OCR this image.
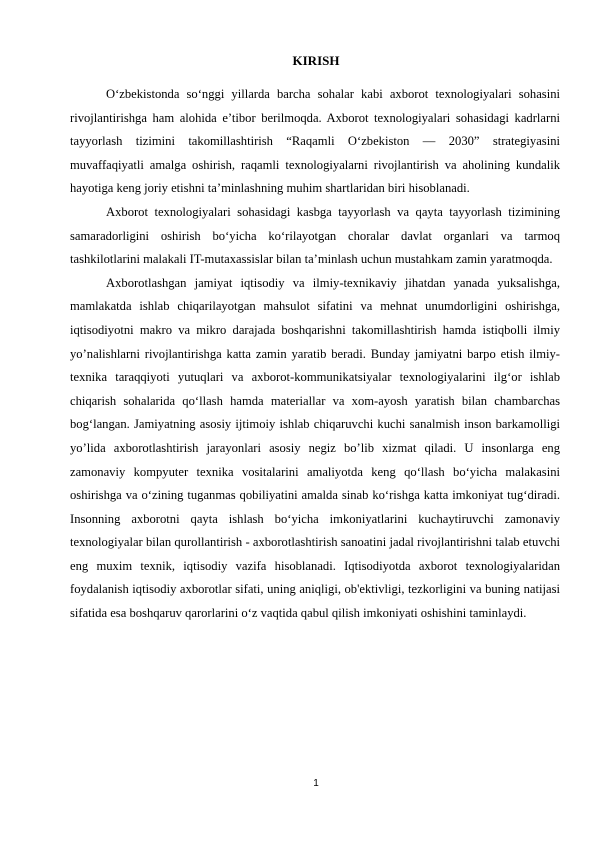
KIRISH

O‘zbekistonda so‘nggi yillarda barcha sohalar kabi axborot texnologiyalari sohasini rivojlantirishga ham alohida e’tibor berilmoqda. Axborot texnologiyalari sohasidagi kadrlarni tayyorlash tizimini takomillashtirish “Raqamli O‘zbekiston — 2030” strategiyasini muvaffaqiyatli amalga oshirish, raqamli texnologiyalarni rivojlantirish va aholining kundalik hayotiga keng joriy etishni ta’minlashning muhim shartlaridan biri hisoblanadi.

Axborot texnologiyalari sohasidagi kasbga tayyorlash va qayta tayyorlash tizimining samaradorligini oshirish bo‘yicha ko‘rilayotgan choralar davlat organlari va tarmoq tashkilotlarini malakali IT-mutaxassislar bilan ta’minlash uchun mustahkam zamin yaratmoqda.

Axborotlashgan jamiyat iqtisodiy va ilmiy-texnikaviy jihatdan yanada yuksalishga, mamlakatda ishlab chiqarilayotgan mahsulot sifatini va mehnat unumdorligini oshirishga, iqtisodiyotni makro va mikro darajada boshqarishni takomillashtirish hamda istiqbolli ilmiy yo’nalishlarni rivojlantirishga katta zamin yaratib beradi. Bunday jamiyatni barpo etish ilmiy-texnika taraqqiyoti yutuqlari va axborot-kommunikatsiyalar texnologiyalarini ilg‘or ishlab chiqarish sohalarida qo‘llash hamda materiallar va xom-ayosh yaratish bilan chambarchas bog‘langan. Jamiyatning asosiy ijtimoiy ishlab chiqaruvchi kuchi sanalmish inson barkamolligi yo’lida axborotlashtirish jarayonlari asosiy negiz bo’lib xizmat qiladi. U insonlarga eng zamonaviy kompyuter texnika vositalarini amaliyotda keng qo‘llash bo‘yicha malakasini oshirishga va o‘zining tuganmas qobiliyatini amalda sinab ko‘rishga katta imkoniyat tug‘diradi. Insonning axborotni qayta ishlash bo‘yicha imkoniyatlarini kuchaytiruvchi zamonaviy texnologiyalar bilan qurollantirish - axborotlashtirish sanoatini jadal rivojlantirishni talab etuvchi eng muxim texnik, iqtisodiy vazifa hisoblanadi. Iqtisodiyotda axborot texnologiyalaridan foydalanish iqtisodiy axborotlar sifati, uning aniqligi, ob'ektivligi, tezkorligini va buning natijasi sifatida esa boshqaruv qarorlarini o‘z vaqtida qabul qilish imkoniyati oshishini taminlaydi.

1
